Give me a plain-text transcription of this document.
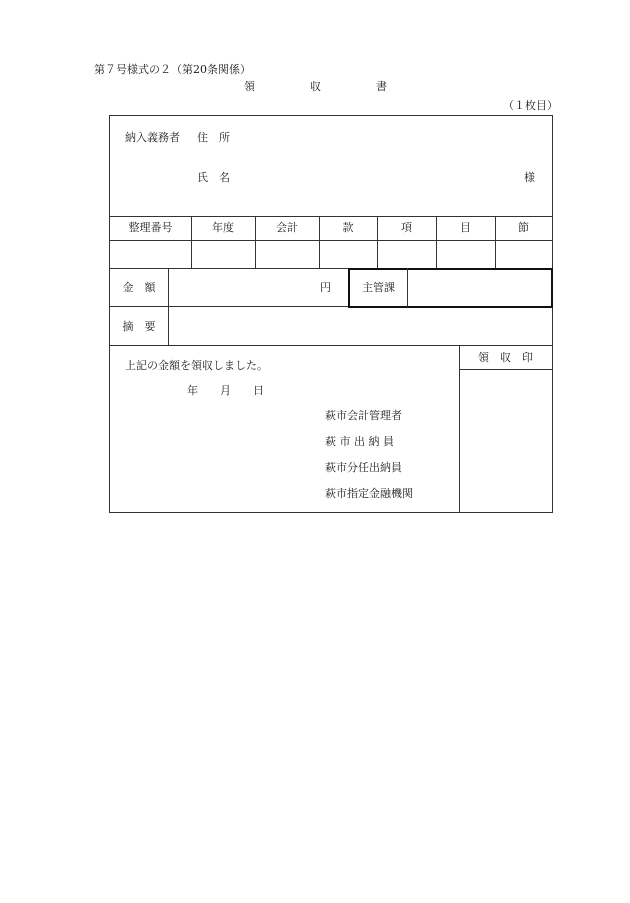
第７号様式の２（第20条関係）
領　　　　　収　　　　　書
（１枚目）
納入義務者 住　所
氏　名	様
整理番号	年度	会計	款	項	目	節
金　額	円	主管課
摘　要
上記の金額を領収しました。
年　　月　　日
萩市会計管理者
萩 市 出 納 員
萩市分任出納員
萩市指定金融機関
領　収　印
